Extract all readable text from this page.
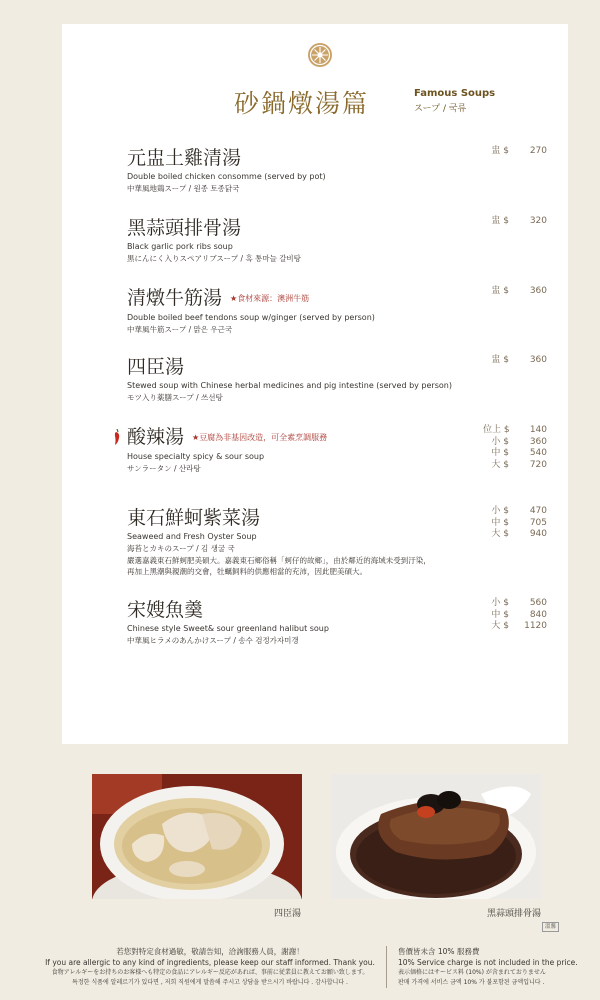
砂鍋燉湯篇	Famous Soups
スープ / 국류
元盅土雞清湯
Double boiled chicken consomme (served by pot)
中華風地鶏スープ / 원종 토종닭국
盅 $	270
黑蒜頭排骨湯
Black garlic pork ribs soup
黒にんにく入りスペアリブスープ / 흑 통마늘 갈비탕
盅 $	320
清燉牛筋湯 ★食材來源：澳洲牛筋
Double boiled beef tendons soup w/ginger (served by person)
中華風牛筋スープ / 맑은 우근국
盅 $	360
四臣湯
Stewed soup with Chinese herbal medicines and pig intestine (served by person)
モツ入り薬膳スープ / 쓰선탕
盅 $	360
酸辣湯 ★豆腐為非基因改造，可全素烹調服務
House specialty spicy & sour soup
サンラータン / 산라탕
位上 $	140
小 $	360
中 $	540
大 $	720
東石鮮蚵紫菜湯
Seaweed and Fresh Oyster Soup
海苔とカキのスープ / 김 생굴 국
嚴選嘉義東石鮮蚵肥美碩大。嘉義東石鄉俗稱「蚵仔的故鄉」，由於鄰近的海域未受到汙染，再加上黑潮與親潮的交會，牡蠣飼料的供應相當的充沛，因此肥美碩大。
小 $	470
中 $	705
大 $	940
宋嫂魚羹
Chinese style Sweet& sour greenland halibut soup
中華風ヒラメのあんかけスープ / 송수 검정가자미갱
小 $	560
中 $	840
大 $	1120
四臣湯	黑蒜頭排骨湯
溫馨
若您對特定食材過敏，敬請告知，洽詢服務人員，謝謝！
If you are allergic to any kind of ingredients, please keep our staff informed. Thank you.
食物アレルギーをお持ちのお客様へも特定の食品にアレルギー反応があれば、事前に従業員に教えてお願い致します。
특정한 식품에 알레르기가 있다면 , 저희 직원에게 말씀해 주시고 상담을 받으시기 바랍니다 . 감사합니다 .
售價皆未含 10% 服務費
10% Service charge is not included in the price.
表示価格にはサービス料 (10%) が含まれておりません
판매 가격에 서비스 금액 10% 가 불포함된 금액입니다 .
